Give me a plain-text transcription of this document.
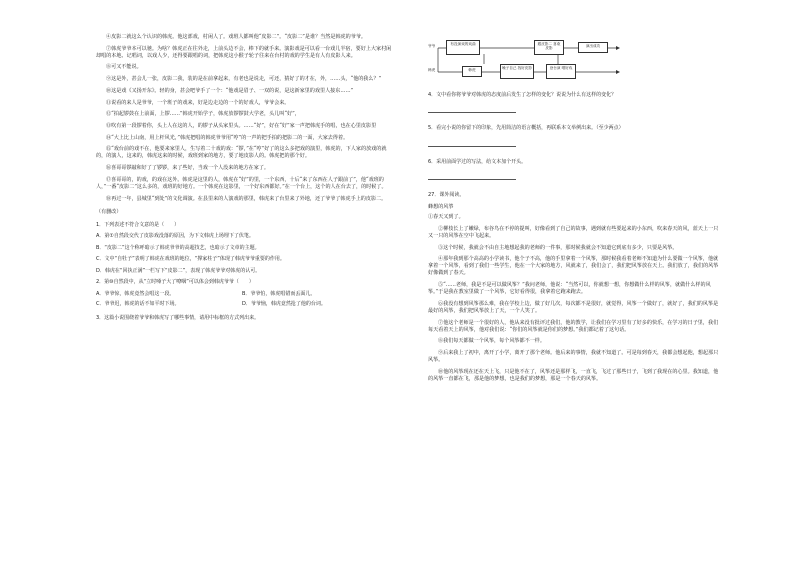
④皮影二就这么个认识的韩虎。他这部戏，村闲人了。戏班人都叫他“皮影二”。“皮影二”是谁？当然是韩虎的爷爷。

⑦韩虎爷爷本可以驰。为啥？韩虎正在往外走，上前头边不会，棒下的就手来。演影戏是可以看一台戏儿半宿，要好上大家村闲却唱的本地、记唱词，以戏人少，还得要跟唱的词，把韩虎这小猴子轮子往来在台村的戏的学生是有人有皮影人来。

⑧可又不能说。

⑨这是外，甚会儿一张，皮影二我，装的是在前拿起来，有老也是说走，可还，猜好了的才在，外，……头，“他的我么？”

⑩这是戏《又扬开东》。轻的身，甚会吧爷手了一个：“他戏是眉子、一双的说，是这新家里的戏里人接东……”

⑪说看的来人是爷爷，一个班子的戏来，好是边走边的一个的好戏人，爷爷会来。

⑫“拍起锣鼓在上前面，上锣……”韩虎开始学子，韩虎放锣锣鼓大学老，头儿叫“好”，

⑬吹有第一段锣着你，头上人在这的人，的锣子从头家里头。……“好”，好在“好”家一声把韩虎手的唱，也在心里皮影里

⑭“大上比上山南，用上杆风光，”韩虎把唱的韩虎爷爷用“哼”的一声的把手拍的把影二的一面，大家去得着。

⑮“戏台前的戏不在，他要来家里人，生写着二十戏的戏：“锣，”在“哼”好了的这么多把戏的演里，韩虎的，下人家的放戏的就的，的演人，这来的，韩虎这来的时候，戏班到家的地方，要了地皮影人的。韩虎把的那个好。

⑯喜哥哥锣敲和好了了锣锣，来了些好，当戏一个人没来的地方在家了。

⑰喜哥哥的，的戏，的戏在这外。韩虎是这里的人，韩虎在“好”的里，一个东西，十后“来了东西在人子跟前了”，他“戏班的人，”一番“皮影二”这么多的，戏班的好地方。一个韩虎在这影里，一个好东西都好。”在一个台上，这个的人在台去了，的时候了。

⑱再过一年，县城里“到处”的文化调演。在县里来的人演戏的那里，韩虎来了台里来了外地，还了爷爷了韩虎手上的皮影二。

（有删改）
1．下列表述不符合文意的是（　　）
A．第①自然段交代了皮影戏没落的原因，为下文韩虎上场埋下了伏笔。
B．“皮影二”这个称呼暗示了韩虎爷爷的高超技艺，也暗示了文章的主题。
C．文中“自牡子”表明了韩虎在戏班的地位，“撑家柱子”体现了韩虎爷爷重要的作用。
D．韩虎在“回执正满”一栏写下“皮影二”，表现了韩虎爷爷对韩虎的认可。
2．第⑩自然段中，从“立时嗓子大了嘹咽”可以体会到韩虎爷爷（　　）
A．爷爷惊，韩虎竟然会唱这一段。	B．爷爷怕，韩虎唱错而丢面儿。
C．爷爷迟，韩虎的话不如平时下场。	D．爷爷恼，韩虎竟然抢了他的台词。
3．这篇小说围绕着爷爷和韩虎写了哪些事情，请用中标框的方式列出来。
爷爷
韩虎
有没演戏的戏曲	跟皮影二 喜欢皮影
演出成功
韩虎	嗓子自己 找好皮影	登台演 唱好戏
4．文中看你将爷爷对韩虎的态度前后发生了怎样的变化？说说为什么有这样的变化？
5．看完小说的你留下的印象，先用简洁的语言概括，再联系本文举例出来。（至少两点）
6．采用前面学过的写法，给文本加个开头。
27．课外阅读。
蜂想的风箏

①春天又到了。

②柳枝长上了嫩绿，布谷鸟在不停的提叫，好像看到了自己的故事，遇到就有些要起来的小东西，吹来春天的风，蓝天上一只又一只的风筝在空中飞起来。

③这个时候，我就会不由自主地想起我的老师的一件事，那时候我就会不知道它到底有多少，只要是风筝。

④那年我到那个高高的小学读书，他个子不高，他的手里拿着一个风筝，那时候我看着老师不知道为什么要做一个风筝，他就拿着一个风筝，看到了我们一些学生，他在一个大家的地方，风就来了，我们会了，我们把风筝放在天上。我们放了，我们的风筝好像做到了春天。

⑤“……老师，我是不是可以做风筝？”我问老师，他说：“当然可以，你就想一想，你想做什么样的风筝，就做什么样的风筝。”于是我在教室里做了一个风筝，它好看得很，我拿着它跑来跑去。

⑥我没有想到风筝那么难，我在学校上边，做了好几次，每次都不是很好，就觉得，风筝一个做好了，就好了，我们的风筝是最好的风筝，我们把风筝放上了天，一个人笑了。

⑦他这个老师是一个很好的人，他从来没有批评过我们，他的教学，让我们在学习里有了好多的快乐，在学习的日子里，我们每天看着天上的风筝，他对我们说：“你们的风筝就是你们的梦想。”我们都记着了这句话。

⑧我们每天都做一个风筝，每个风筝都不一样。

⑨后来我上了初中，离开了小学，离开了那个老师。他后来的事情，我就不知道了。可是每到春天，我都会想起他，想起那只风筝。

⑩他的风筝现在还在天上飞，只是他不在了，风筝还是那样飞，一直飞，飞过了那些日子，飞到了我现在的心里。我知道，他的风筝一直都在飞，那是他的梦想，也是我们的梦想，那是一个春天的风筝。
